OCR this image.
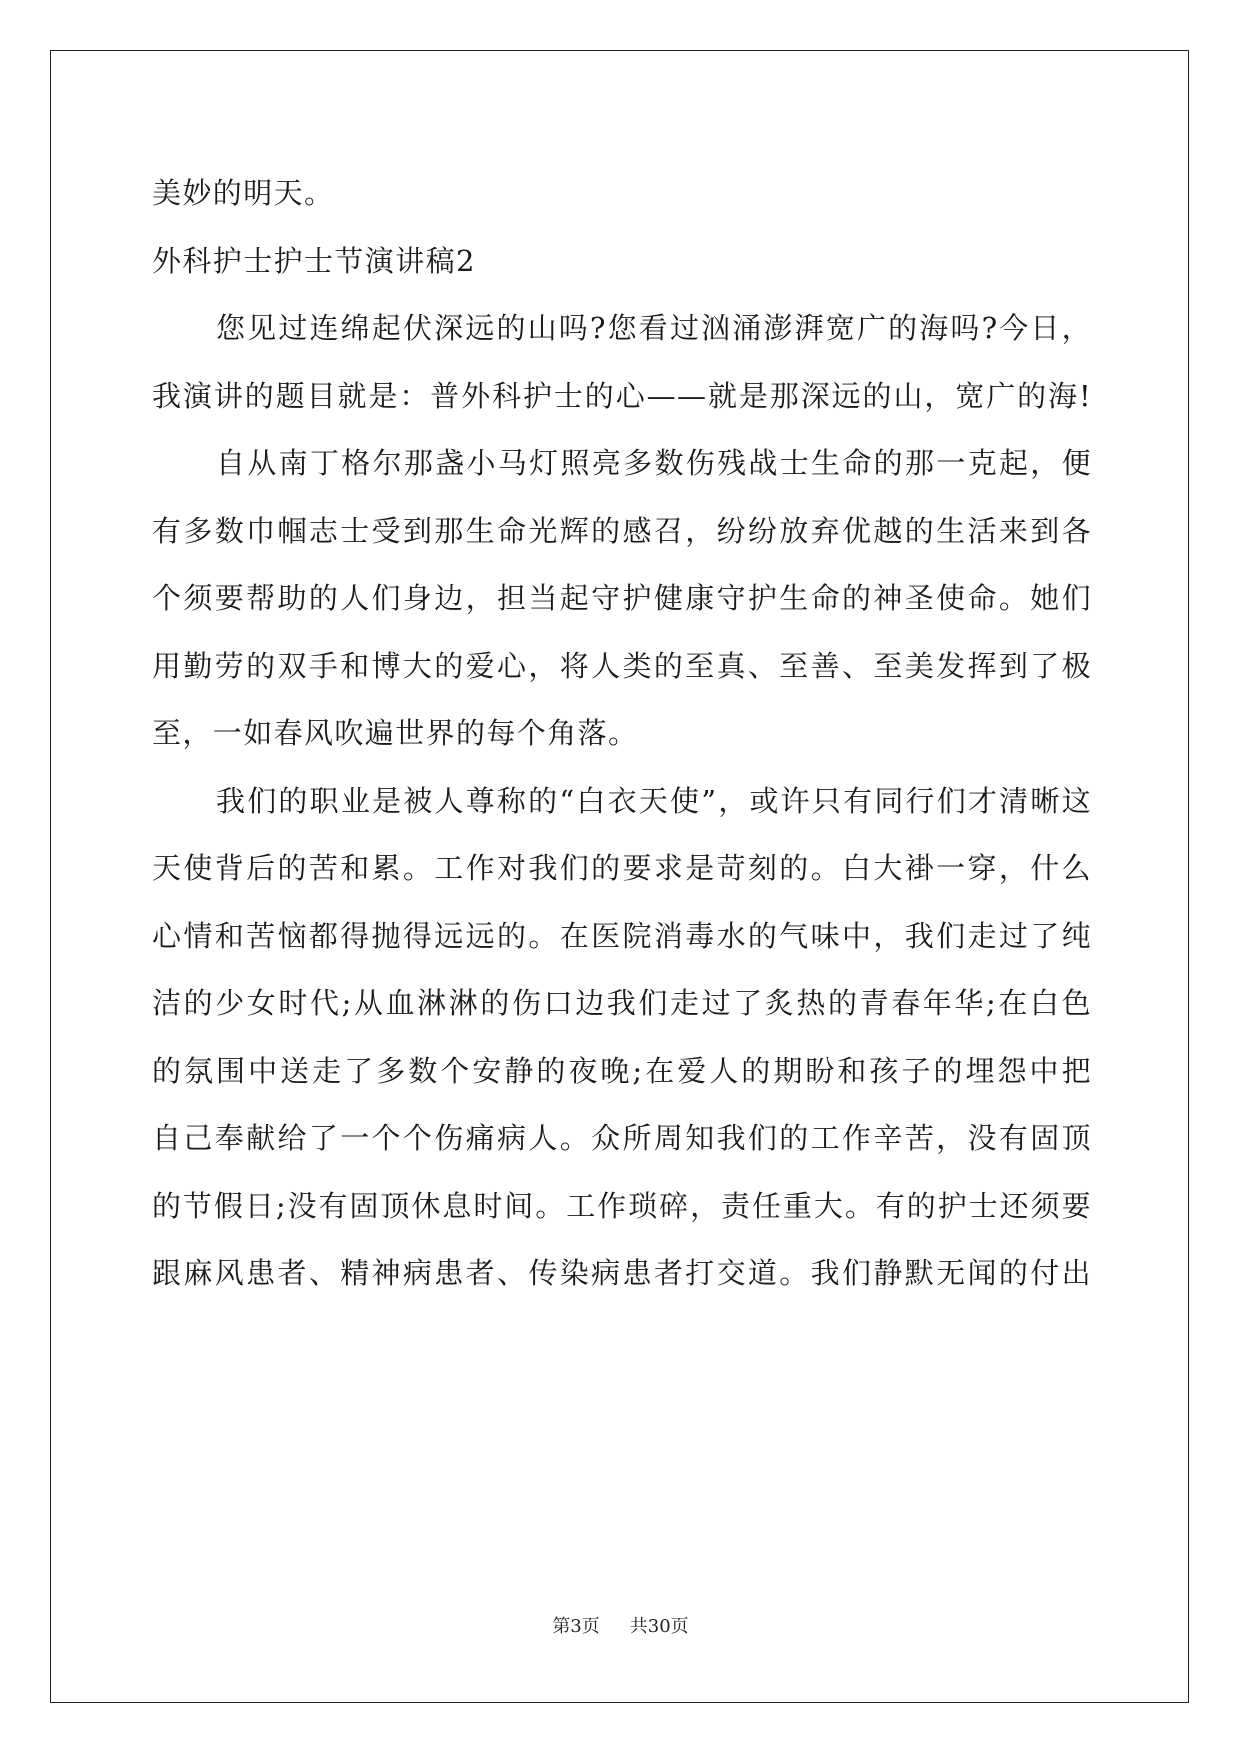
美妙的明天。
外科护士护士节演讲稿2
您见过连绵起伏深远的山吗?您看过汹涌澎湃宽广的海吗?今日，
我演讲的题目就是：普外科护士的心——就是那深远的山，宽广的海!
自从南丁格尔那盏小马灯照亮多数伤残战士生命的那一克起，便
有多数巾帼志士受到那生命光辉的感召，纷纷放弃优越的生活来到各
个须要帮助的人们身边，担当起守护健康守护生命的神圣使命。她们
用勤劳的双手和博大的爱心，将人类的至真、至善、至美发挥到了极
至，一如春风吹遍世界的每个角落。
我们的职业是被人尊称的“白衣天使”，或许只有同行们才清晰这
天使背后的苦和累。工作对我们的要求是苛刻的。白大褂一穿，什么
心情和苦恼都得抛得远远的。在医院消毒水的气味中，我们走过了纯
洁的少女时代;从血淋淋的伤口边我们走过了炙热的青春年华;在白色
的氛围中送走了多数个安静的夜晚;在爱人的期盼和孩子的埋怨中把
自己奉献给了一个个伤痛病人。众所周知我们的工作辛苦，没有固顶
的节假日;没有固顶休息时间。工作琐碎，责任重大。有的护士还须要
跟麻风患者、精神病患者、传染病患者打交道。我们静默无闻的付出
第3页 共30页
